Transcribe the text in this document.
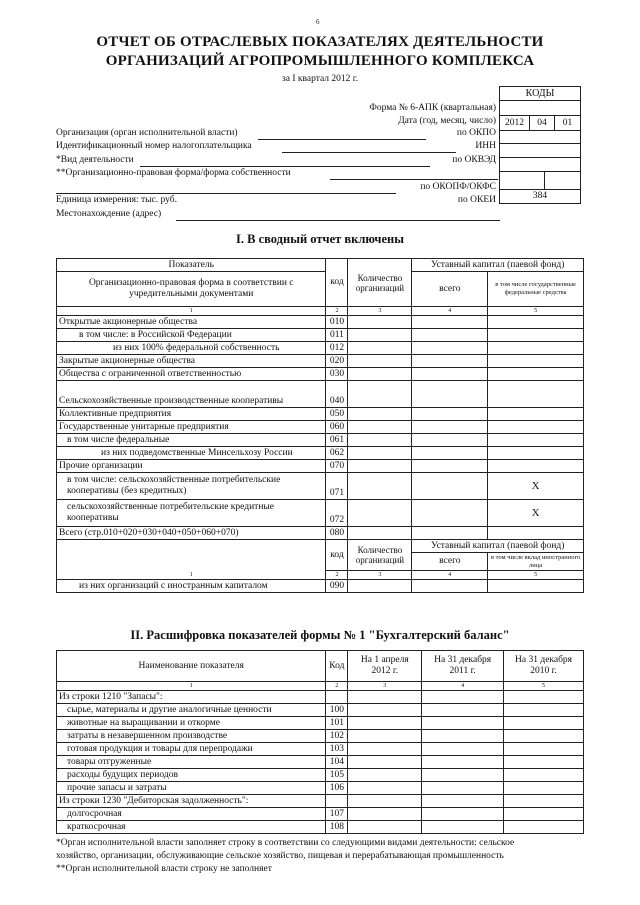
6
ОТЧЕТ ОБ ОТРАСЛЕВЫХ ПОКАЗАТЕЛЯХ ДЕЯТЕЛЬНОСТИ
ОРГАНИЗАЦИЙ АГРОПРОМЫШЛЕННОГО КОМПЛЕКСА
за I квартал 2012 г.
КОДЫ
2012	04	01
384
Форма № 6-АПК (квартальная)
Дата (год, месяц, число)
Организация (орган исполнительной власти)	по ОКПО
Идентификационный номер налогоплательщика	ИНН
*Вид деятельности	по ОКВЭД
**Организационно-правовая форма/форма собственности
по ОКОПФ/ОКФС
Единица измерения: тыс. руб.	по ОКЕИ
Местонахождение (адрес)
I. В сводный отчет включены
Показатель	код	Количество организаций	Уставный капитал (паевой фонд)	
Организационно-правовая форма в соответствии с учредительными документами			всего	в том числе государственные федеральные средства
1	2	3	4	5
Открытые акционерные общества	010			
в том числе: в Российской Федерации	011			
из них 100% федеральной собственность	012			
Закрытые акционерные общества	020			
Общества с ограниченной ответственностью	030			
Сельскохозяйственные производственные кооперативы	040			
Коллективные предприятия	050			
Государственные унитарные предприятия	060			
в том числе федеральные	061			
из них подведомственные Минсельхозу России	062			
Прочие организации	070			

в том числе: сельскохозяйственные потребительские
кооперативы (без кредитных)	071			X

сельскохозяйственные потребительские кредитные
кооперативы	072			X
Всего (стр.010+020+030+040+050+060+070)	080			
	код	Количество организаций	Уставный капитал (паевой фонд)	
			всего	в том числе вклад иностранного лица
1	2	3	4	5
из них организаций с иностранным капиталом	090			
II. Расшифровка показателей формы № 1 "Бухгалтерский баланс"
Наименование показателя	Код	На 1 апреля 2012 г.	На 31 декабря 2011 г.	На 31 декабря 2010 г.
1	2	3	4	5
Из строки 1210 "Запасы":				
сырье, материалы и другие аналогичные ценности	100			
животные на выращивании и откорме	101			
затраты в незавершенном производстве	102			
готовая продукция и товары для перепродажи	103			
товары отгруженные	104			
расходы будущих периодов	105			
прочие запасы и затраты	106			
Из строки 1230 "Дебиторская задолженность":				
долгосрочная	107			
краткосрочная	108			
*Орган исполнительной власти заполняет строку в соответствии со следующими видами деятельности: сельское
хозяйство, организации, обслуживающие сельское хозяйство, пищевая и перерабатывающая промышленность
**Орган исполнительной власти строку не заполняет
